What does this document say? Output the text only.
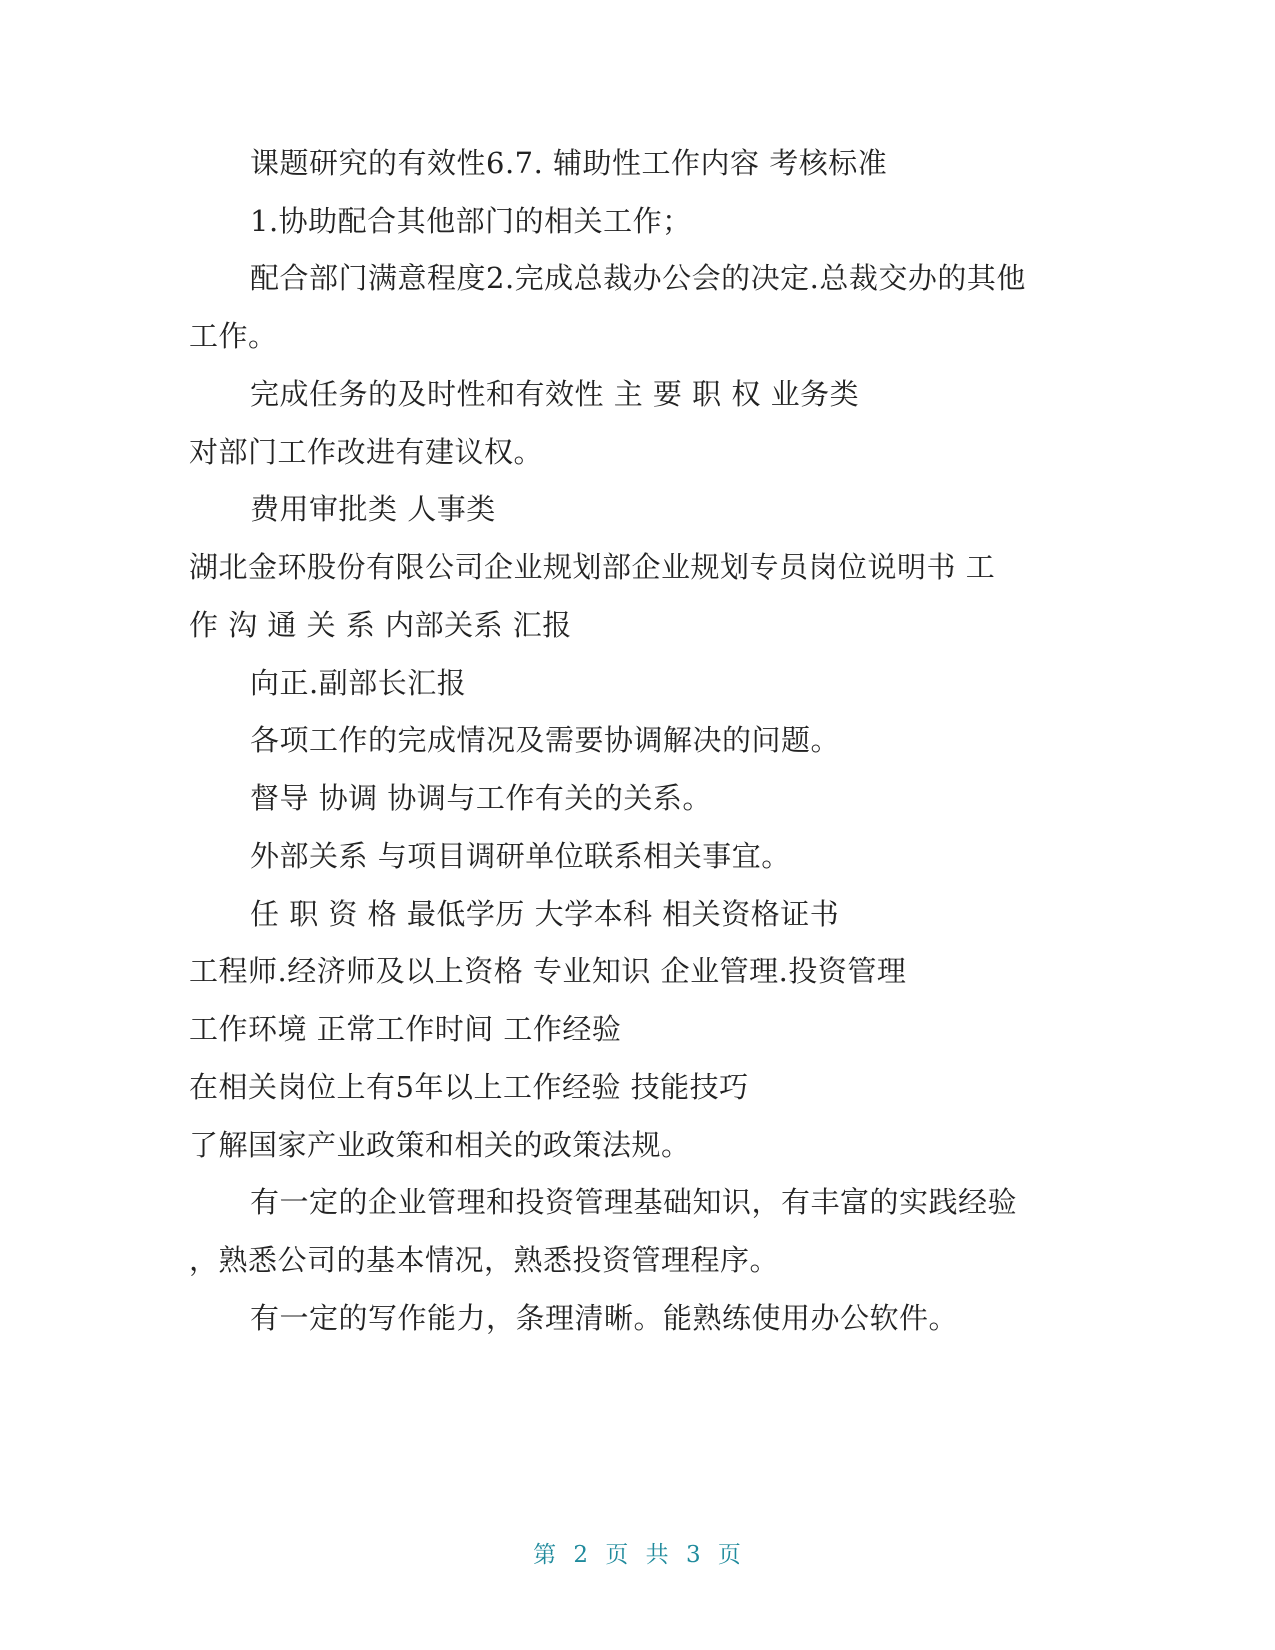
课题研究的有效性6.7. 辅助性工作内容 考核标准
1.协助配合其他部门的相关工作；
配合部门满意程度2.完成总裁办公会的决定.总裁交办的其他
工作。
完成任务的及时性和有效性 主 要 职 权 业务类
对部门工作改进有建议权。
费用审批类 人事类
湖北金环股份有限公司企业规划部企业规划专员岗位说明书 工
作 沟 通 关 系 内部关系 汇报
向正.副部长汇报
各项工作的完成情况及需要协调解决的问题。
督导 协调 协调与工作有关的关系。
外部关系 与项目调研单位联系相关事宜。
任 职 资 格 最低学历 大学本科 相关资格证书
工程师.经济师及以上资格 专业知识 企业管理.投资管理
工作环境 正常工作时间 工作经验
在相关岗位上有5年以上工作经验 技能技巧
了解国家产业政策和相关的政策法规。
有一定的企业管理和投资管理基础知识，有丰富的实践经验
，熟悉公司的基本情况，熟悉投资管理程序。
有一定的写作能力，条理清晰。能熟练使用办公软件。
第 2 页 共 3 页
